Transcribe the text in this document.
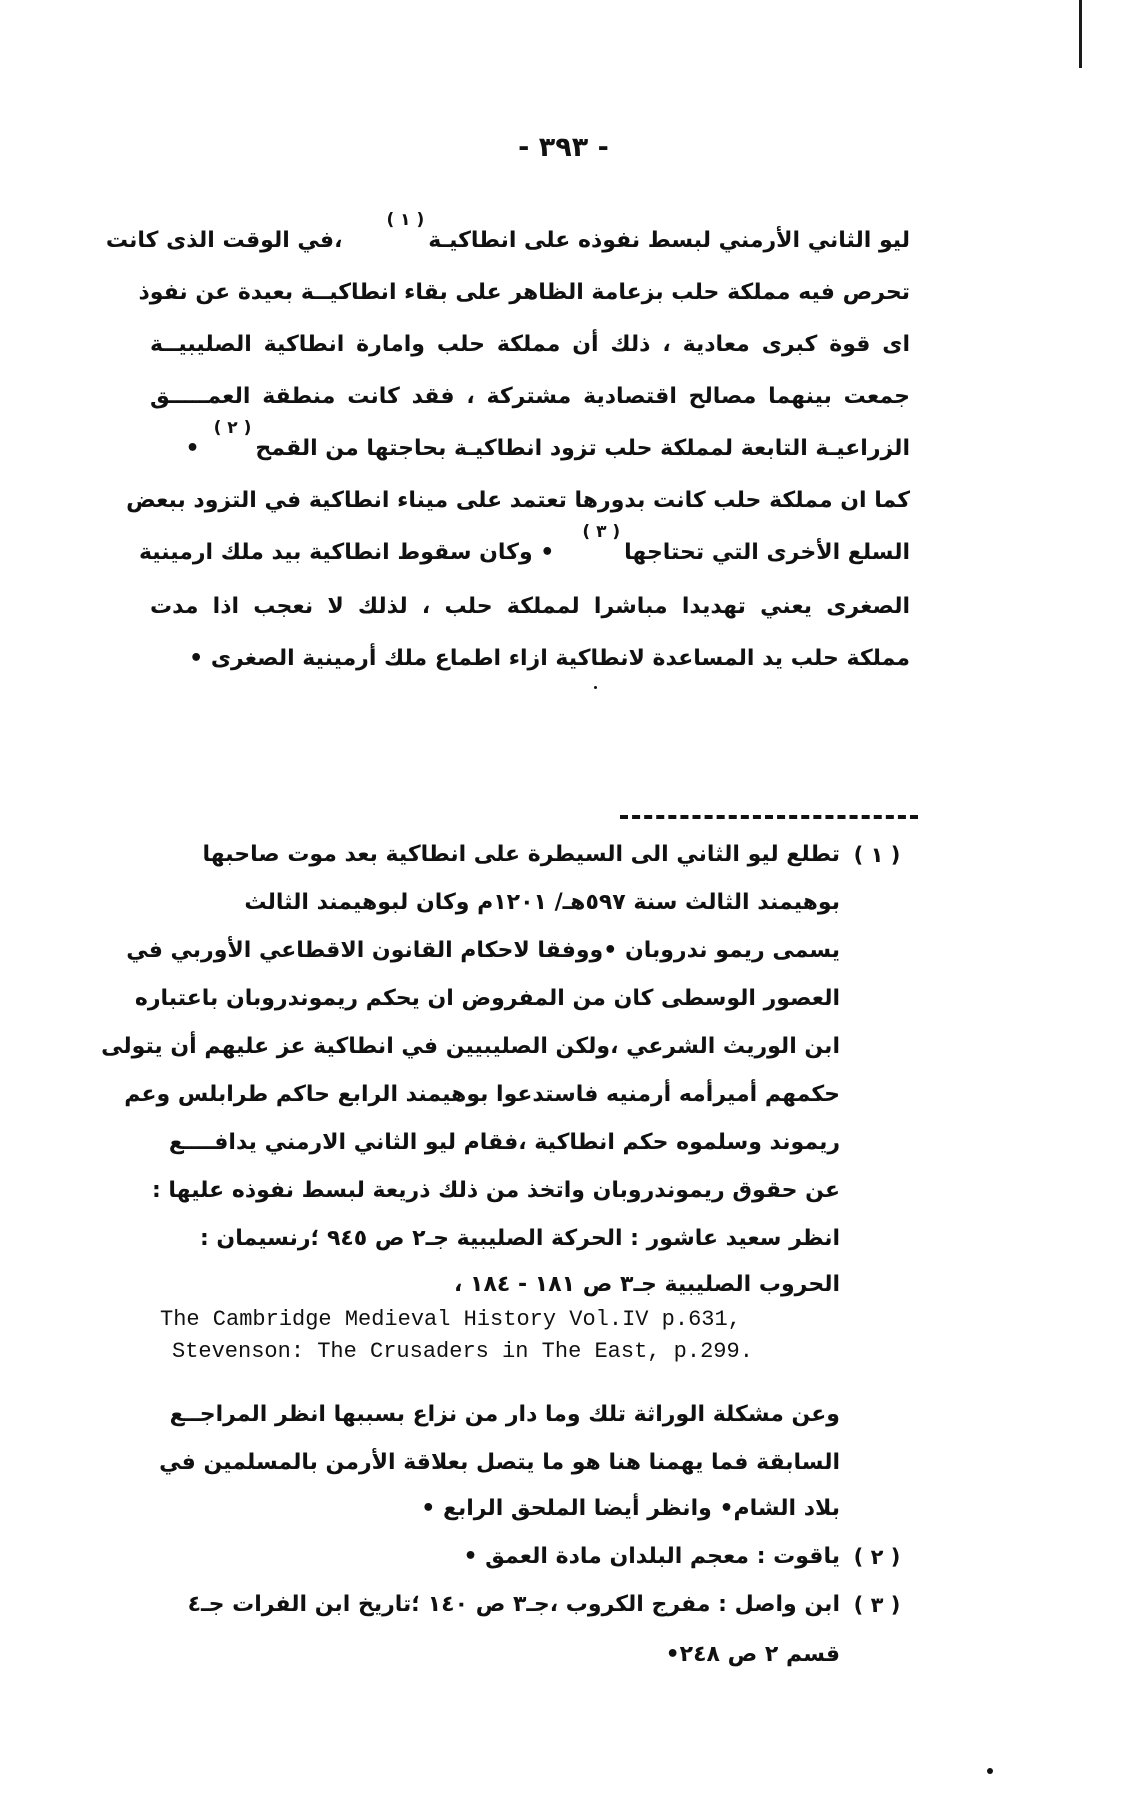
- ٣٩٣ -
ليو الثاني الأرمني لبسط نفوذه على انطاكيـة$^{( ١ )}$،في الوقت الذى كانت
تحرص فيه مملكة حلب بزعامة الظاهر على بقاء انطاكيــة بعيدة عن نفوذ
اى قوة كبرى معادية ، ذلك أن مملكة حلب وامارة انطاكية الصليبيــة
جمعت بينهما مصالح اقتصادية مشتركة ، فقد كانت منطقة العمـــــق
الزراعيـة التابعة لمملكة حلب تزود انطاكيـة بحاجتها من القمح$^{( ٢ )}$•
كما ان مملكة حلب كانت بدورها تعتمد على ميناء انطاكية في التزود ببعض
السلع الأخرى التي تحتاجها$^{( ٣ )}$• وكان سقوط انطاكية بيد ملك ارمينية
الصغرى يعني تهديدا مباشرا لمملكة حلب ، لذلك لا نعجب اذا مدت
مملكة حلب يد المساعدة لانطاكية ازاء اطماع ملك أرمينية الصغرى •
( ١ )
تطلع ليو الثاني الى السيطرة على انطاكية بعد موت صاحبها
بوهيمند الثالث سنة ٥٩٧هـ/ ١٢٠١م وكان لبوهيمند الثالث
يسمى ريمو ندروبان •ووفقا لاحكام القانون الاقطاعي الأوربي في
العصور الوسطى كان من المفروض ان يحكم ريموندروبان باعتباره
ابن الوريث الشرعي ،ولكن الصليبيين في انطاكية عز عليهم أن يتولى
حكمهم أميرأمه أرمنيه فاستدعوا بوهيمند الرابع حاكم طرابلس وعم
ريموند وسلموه حكم انطاكية ،فقام ليو الثاني الارمني يدافــــع
عن حقوق ريموندروبان واتخذ من ذلك ذريعة لبسط نفوذه عليها :
انظر سعيد عاشور : الحركة الصليبية جـ٢ ص ٩٤٥ ؛رنسيمان :
الحروب الصليبية جـ٣ ص ١٨١ - ١٨٤ ،
The Cambridge Medieval History Vol.IV p.631,
Stevenson: The Crusaders in The East, p.299.
وعن مشكلة الوراثة تلك وما دار من نزاع بسببها انظر المراجــع
السابقة فما يهمنا هنا هو ما يتصل بعلاقة الأرمن بالمسلمين في
بلاد الشام• وانظر أيضا الملحق الرابع •
( ٢ )
ياقوت : معجم البلدان مادة العمق •
( ٣ )
ابن واصل : مفرج الكروب ،جـ٣ ص ١٤٠ ؛تاريخ ابن الفرات جـ٤
قسم ٢ ص ٢٤٨•
